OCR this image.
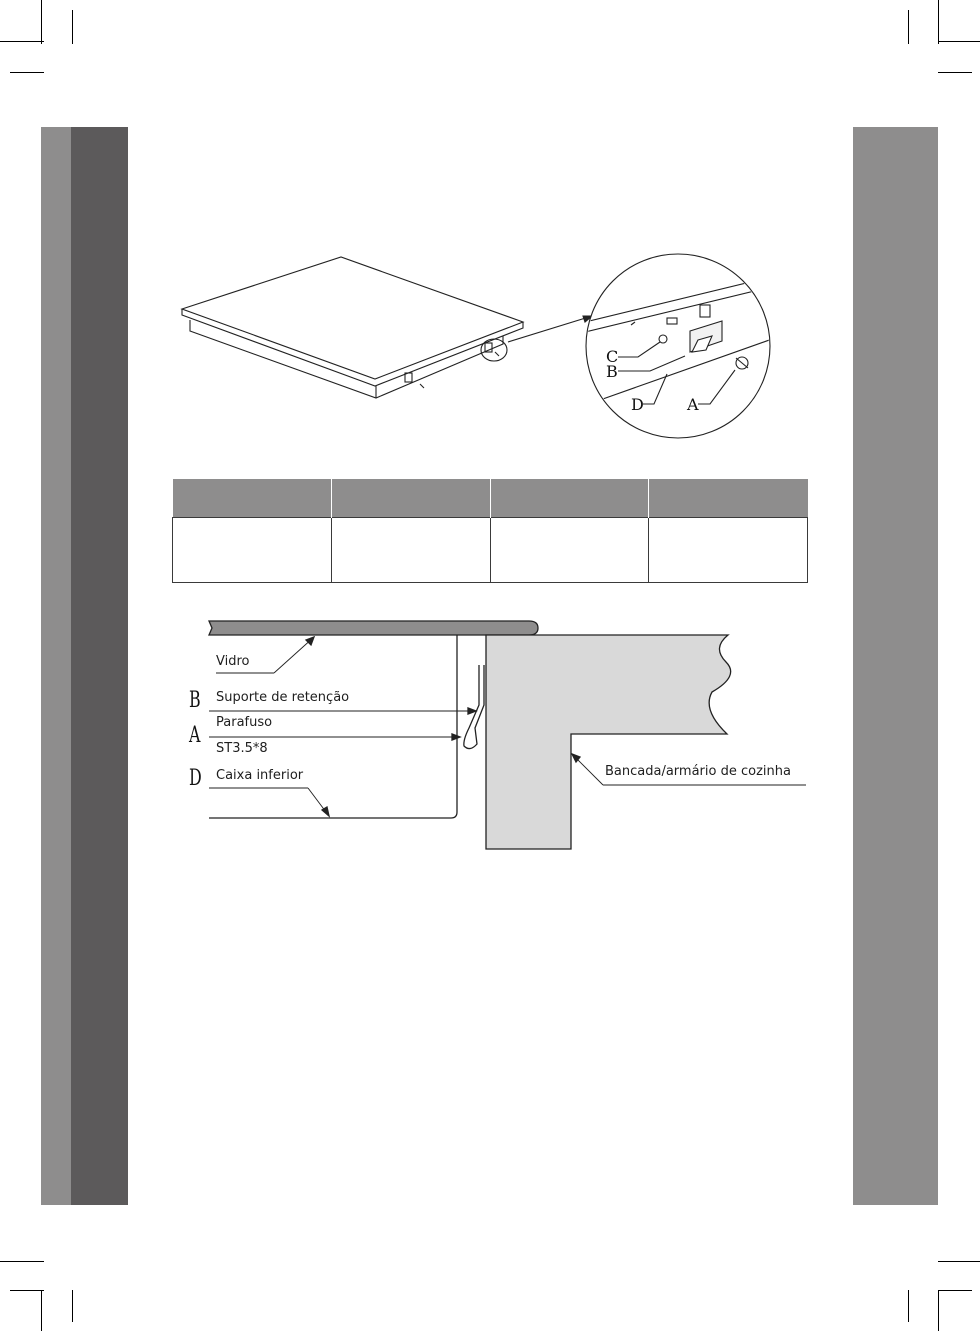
C
B
D	A

Vidro
B Suporte de retenção
Parafuso
A
ST3.5*8
D Caixa inferior	Bancada/armário de cozinha
